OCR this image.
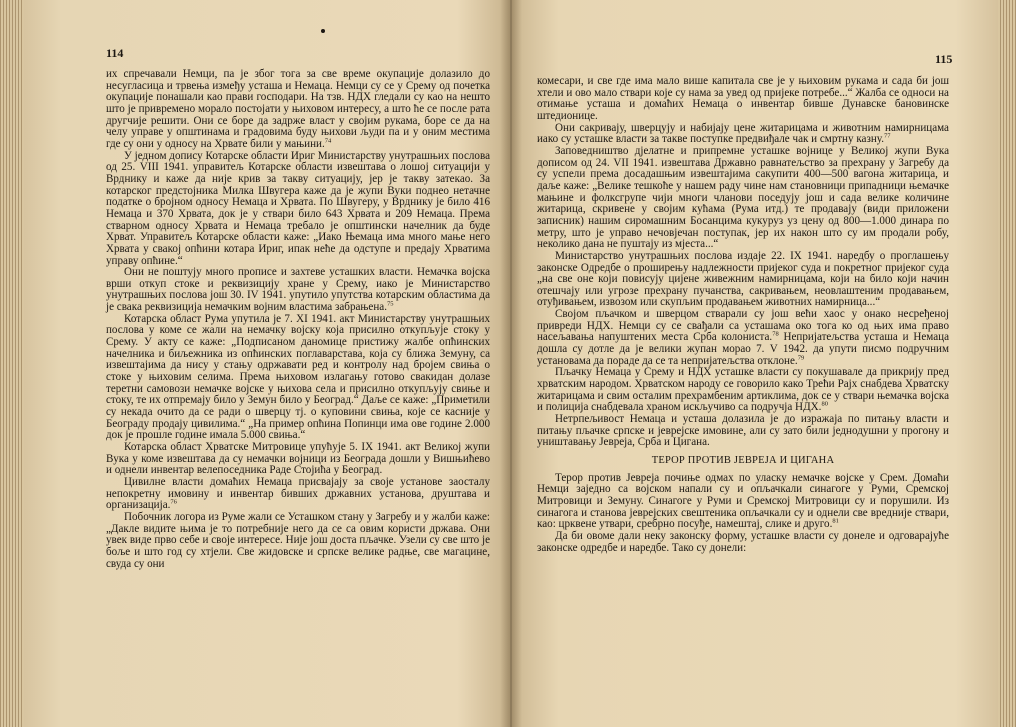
114

их спречавали Немци, па је због тога за све време окупације долазило до несугласица и трвења између усташа и Немаца. Немци су се у Срему од почетка окупације понашали као прави господари. На тзв. НДХ гледали су као на нешто што је привремено морало постојати у њиховом интересу, а што ће се после рата другчије решити. Они се боре да задрже власт у својим рукама, боре се да на челу управе у општинама и градовима буду њихови људи па и у оним местима где су они у односу на Хрвате били у мањини.$^{74}$

У једном допису Котарске области Ириг Министарству унутрашњих послова од 25. VIII 1941. управитељ Котарске области извештава о лошој ситуацији у Врднику и каже да није крив за такву ситуацију, јер је такву затекао. За котарског предстојника Милка Швугера каже да је жупи Вуки поднео нетачне податке о бројном односу Немаца и Хрвата. По Швугеру, у Врднику је било 416 Немаца и 370 Хрвата, док је у ствари било 643 Хрвата и 209 Немаца. Према стварном односу Хрвата и Немаца требало је општински начелник да буде Хрват. Управитељ Котарске области каже: „Иако Њемаца има много мање него Хрвата у свакој опћини котара Ириг, ипак неће да одступе и предају Хрватима управу опћине.“

Они не поштују много прописе и захтеве усташких власти. Немачка војска врши откуп стоке и реквизицију хране у Срему, иако је Министарство унутрашњих послова још 30. IV 1941. упутило упутства котарским областима да је свака реквизиција немачким војним властима забрањена.$^{75}$

Котарска област Рума упутила је 7. XI 1941. акт Министарству унутрашњих послова у коме се жали на немачку војску која присилно откупљује стоку у Срему. У акту се каже: „Подписаном даномице пристижу жалбе опћинских начелника и биљежника из опћинских поглаварстава, која су ближа Земуну, са извештајима да нису у стању одржавати ред и контролу над бројем свиња о стоке у њиховим селима. Према њиховом излагању готово свакидан долазе теретни самовози немачке војске у њихова села и присилно откупљују свиње и стоку, те их отпремају било у Земун било у Београд.“ Даље се каже: „Приметили су некада очито да се ради о шверцу тј. о куповини свиња, које се касније у Београду продају цивилима.“ „На пример опћина Попинци има ове године 2.000 док је прошле године имала 5.000 свиња.“

Котарска област Хрватске Митровице упућује 5. IX 1941. акт Великој жупи Вука у коме извештава да су немачки војници из Београда дошли у Вишњићево и однели инвентар велепоседника Раде Стојића у Београд.

Цивилне власти домаћих Немаца присвајају за своје установе заосталу непокретну имовину и инвентар бивших државних установа, друштава и организација.$^{76}$

Побочник логора из Руме жали се Усташком стану у Загребу и у жалби каже: „Дакле видите њима је то потребније него да се са овим користи држава. Они увек виде прво себе и своје интересе. Није још доста пљачке. Узели су све што је боље и што год су хтјели. Све жидовске и српске велике радње, све магацине, свуда су они

115

комесари, и све где има мало више капитала све је у њиховим рукама и сада би још хтели и ово мало ствари које су нама за увед од пријеке потребе...“ Жалба се односи на отимање усташа и домаћих Немаца о инвентар бивше Дунавске бановинске штедионице.

Они сакривају, шверцују и набијају цене житарицама и животним намирницама иако су усташке власти за такве поступке предвиђале чак и смртну казну.$^{77}$

Заповедништво дјелатне и припремне усташке војнице у Великој жупи Вука дописом од 24. VII 1941. извештава Државно равнатељство за прехрану у Загребу да су успели према досадашњим извештајима сакупити 400—500 вагона житарица, и даље каже: „Велике тешкоће у нашем раду чине нам становници припадници њемачке мањине и фолксгрупе чији многи чланови поседују још и сада велике количине житарица, скривене у својим кућама (Рума итд.) те продавају (види приложени записник) нашим сиромашним Босанцима кукуруз уз цену од 800—1.000 динара по метру, што је управо нечовјечан поступак, јер их након што су им продали робу, неколико дана не пуштају из мјеста...“

Министарство унутрашњих послова издаје 22. IX 1941. наредбу о проглашењу законске Одредбе о проширењу надлежности пријеког суда и покретног пријеког суда „на све оне који повисују цијене живежним намирницама, који на било који начин отешчају или угрозе прехрану пучанства, сакривањем, неовлаштеним продавањем, отуђивањем, извозом или скупљим продавањем животних намирница...“

Својом пљачком и шверцом стварали су још већи хаос у онако несређеној привреди НДХ. Немци су се свађали са усташама око тога ко од њих има право насељавања напуштених места Срба колониста.$^{78}$ Непријатељства усташа и Немаца дошла су дотле да је велики жупан морао 7. V 1942. да упути писмо подручним установама да пораде да се та непријатељства отклоне.$^{79}$

Пљачку Немаца у Срему и НДХ усташке власти су покушавале да прикрију пред хрватским народом. Хрватском народу се говорило како Трећи Рајх снабдева Хрватску житарицама и свим осталим прехрамбеним артиклима, док се у ствари њемачка војска и полиција снабдевала храном искључиво са подручја НДХ.$^{80}$

Нетрпељивост Немаца и усташа долазила је до изражаја по питању власти и питању пљачке српске и јеврејске имовине, али су зато били једнодушни у прогону и уништавању Јевреја, Срба и Цигана.

ТЕРОР ПРОТИВ ЈЕВРЕЈА И ЦИГАНА

Терор против Јевреја почиње одмах по уласку немачке војске у Срем. Домаћи Немци заједно са војском напали су и опљачкали синагоге у Руми, Сремској Митровици и Земуну. Синагоге у Руми и Сремској Митровици су и порушили. Из синагога и станова јеврејских свештеника опљачкали су и однели све вредније ствари, као: црквене утвари, сребрно посуђе, намештај, слике и друго.$^{81}$

Да би овоме дали неку законску форму, усташке власти су донеле и одговарајуће законске одредбе и наредбе. Тако су донели:
